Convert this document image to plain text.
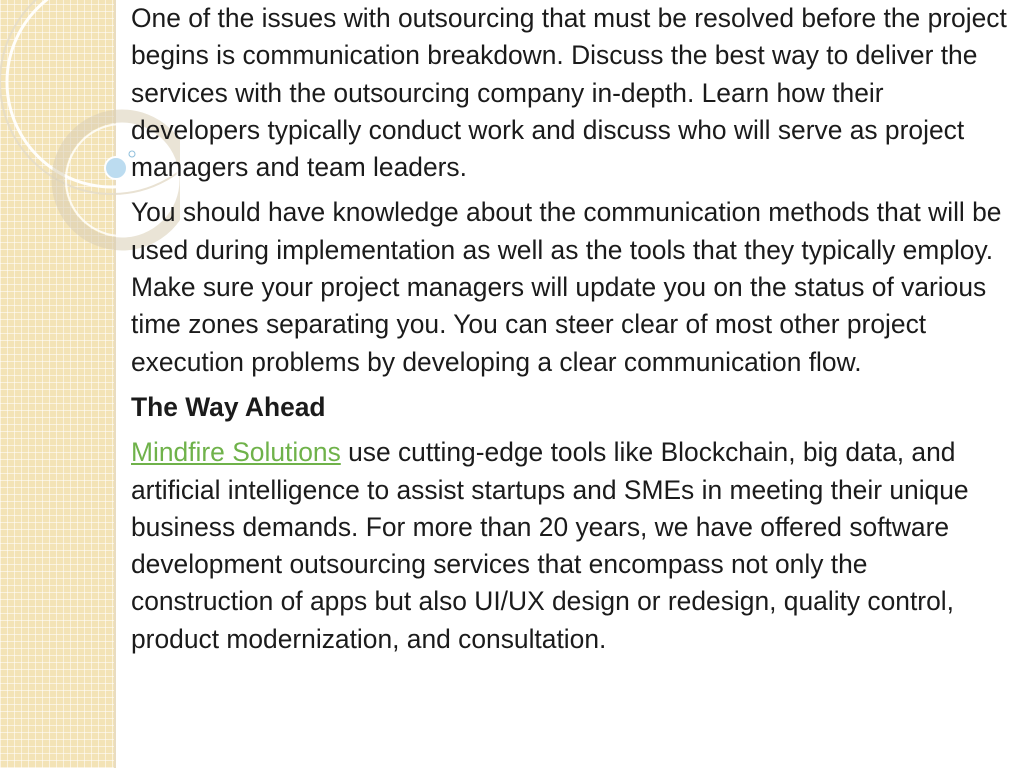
One of the issues with outsourcing that must be resolved before the project begins is communication breakdown. Discuss the best way to deliver the services with the outsourcing company in-depth. Learn how their developers typically conduct work and discuss who will serve as project managers and team leaders.

You should have knowledge about the communication methods that will be used during implementation as well as the tools that they typically employ. Make sure your project managers will update you on the status of various time zones separating you. You can steer clear of most other project execution problems by developing a clear communication flow.

The Way Ahead

Mindfire Solutions use cutting-edge tools like Blockchain, big data, and artificial intelligence to assist startups and SMEs in meeting their unique business demands. For more than 20 years, we have offered software development outsourcing services that encompass not only the construction of apps but also UI/UX design or redesign, quality control, product modernization, and consultation.
